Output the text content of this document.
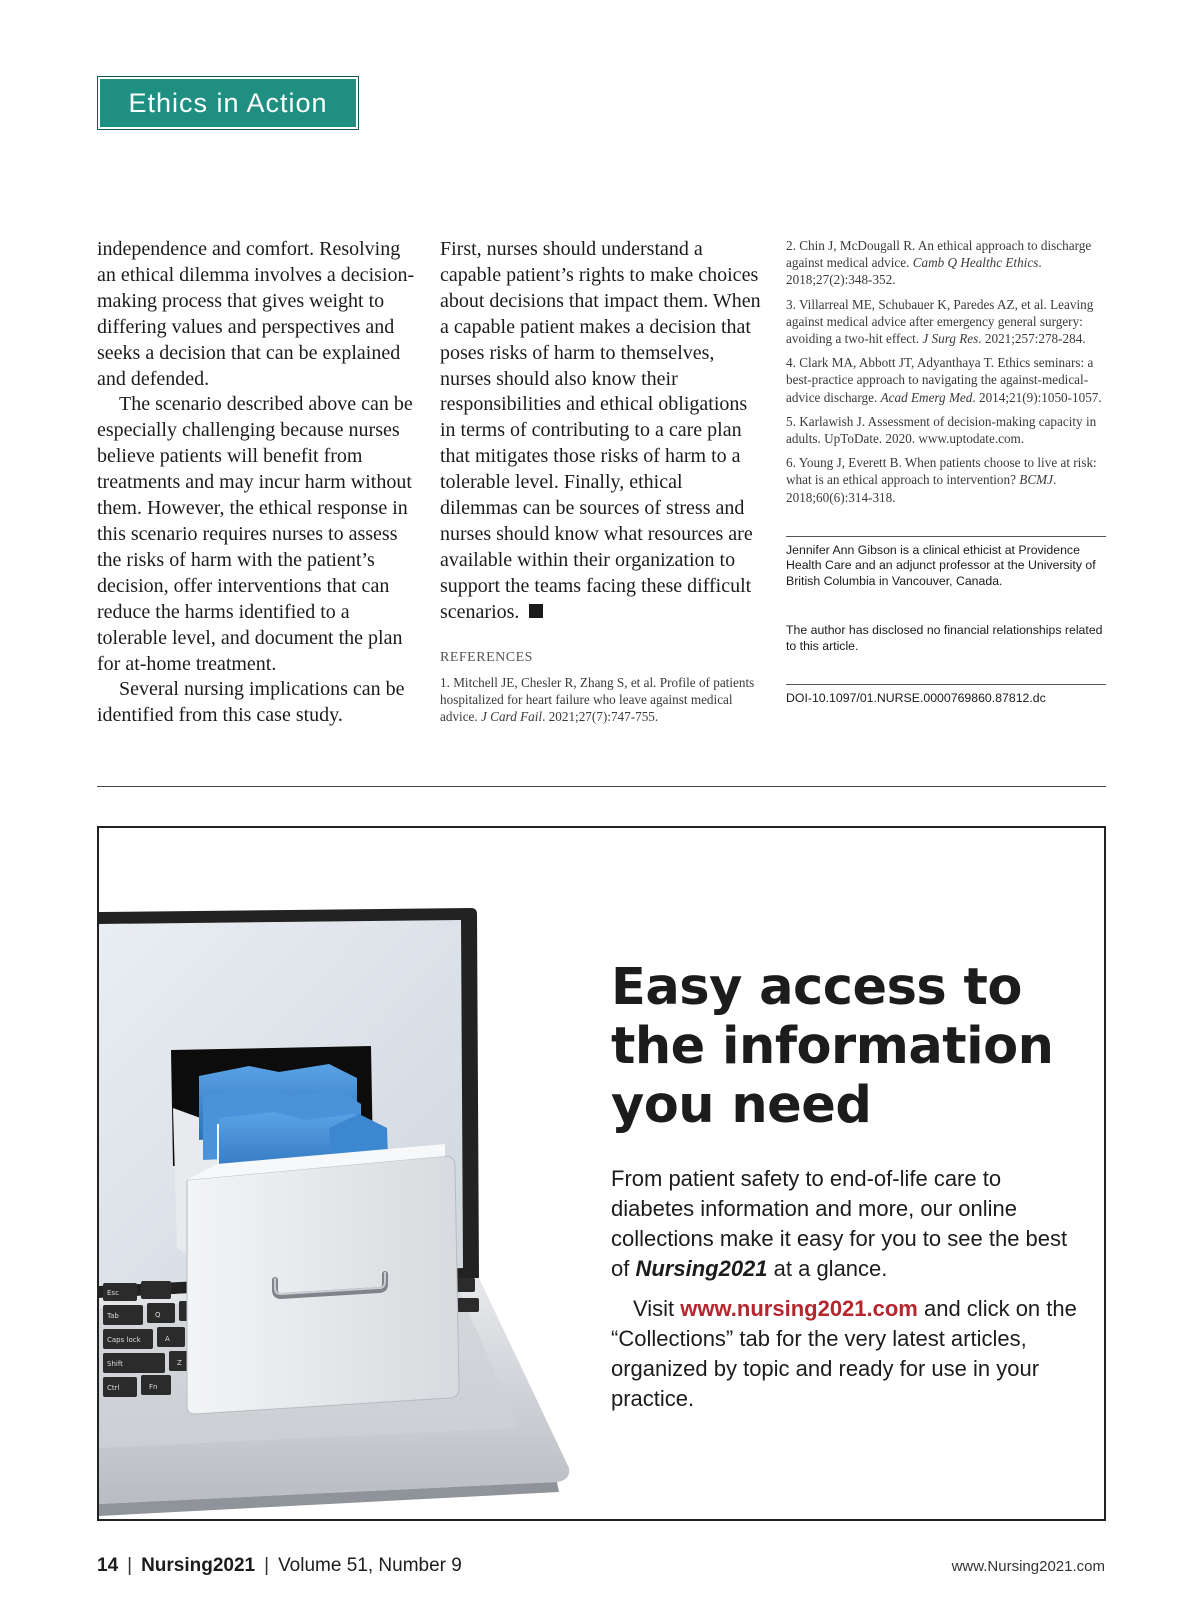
Ethics in Action

independence and comfort. Resolving an ethical dilemma involves a decision-making process that gives weight to differing values and perspectives and seeks a decision that can be explained and defended.

The scenario described above can be especially challenging because nurses believe patients will benefit from treatments and may incur harm without them. However, the ethical response in this scenario requires nurses to assess the risks of harm with the patient’s decision, offer interventions that can reduce the harms identified to a tolerable level, and document the plan for at-home treatment.

Several nursing implications can be identified from this case study.

First, nurses should understand a capable patient’s rights to make choices about decisions that impact them. When a capable patient makes a decision that poses risks of harm to themselves, nurses should also know their responsibilities and ethical obligations in terms of contributing to a care plan that mitigates those risks of harm to a tolerable level. Finally, ethical dilemmas can be sources of stress and nurses should know what resources are available within their organization to support the teams facing these difficult scenarios.

REFERENCES

1. Mitchell JE, Chesler R, Zhang S, et al. Profile of patients hospitalized for heart failure who leave against medical advice. J Card Fail. 2021;27(7):747-755.

2. Chin J, McDougall R. An ethical approach to discharge against medical advice. Camb Q Healthc Ethics. 2018;27(2):348-352.

3. Villarreal ME, Schubauer K, Paredes AZ, et al. Leaving against medical advice after emergency general surgery: avoiding a two-hit effect. J Surg Res. 2021;257:278-284.

4. Clark MA, Abbott JT, Adyanthaya T. Ethics seminars: a best-practice approach to navigating the against-medical-advice discharge. Acad Emerg Med. 2014;21(9):1050-1057.

5. Karlawish J. Assessment of decision-making capacity in adults. UpToDate. 2020. www.uptodate.com.

6. Young J, Everett B. When patients choose to live at risk: what is an ethical approach to intervention? BCMJ. 2018;60(6):314-318.

Jennifer Ann Gibson is a clinical ethicist at Providence Health Care and an adjunct professor at the University of British Columbia in Vancouver, Canada.

The author has disclosed no financial relationships related to this article.

DOI-10.1097/01.NURSE.0000769860.87812.dc

Esc
Tab	Q
Caps lock	A
Shift	Z
Ctrl	Fn
Easy access to the information you need

From patient safety to end-of-life care to diabetes information and more, our online collections make it easy for you to see the best of Nursing2021 at a glance.

Visit www.nursing2021.com and click on the “Collections” tab for the very latest articles, organized by topic and ready for use in your practice.

14 | Nursing2021 | Volume 51, Number 9	www.Nursing2021.com
